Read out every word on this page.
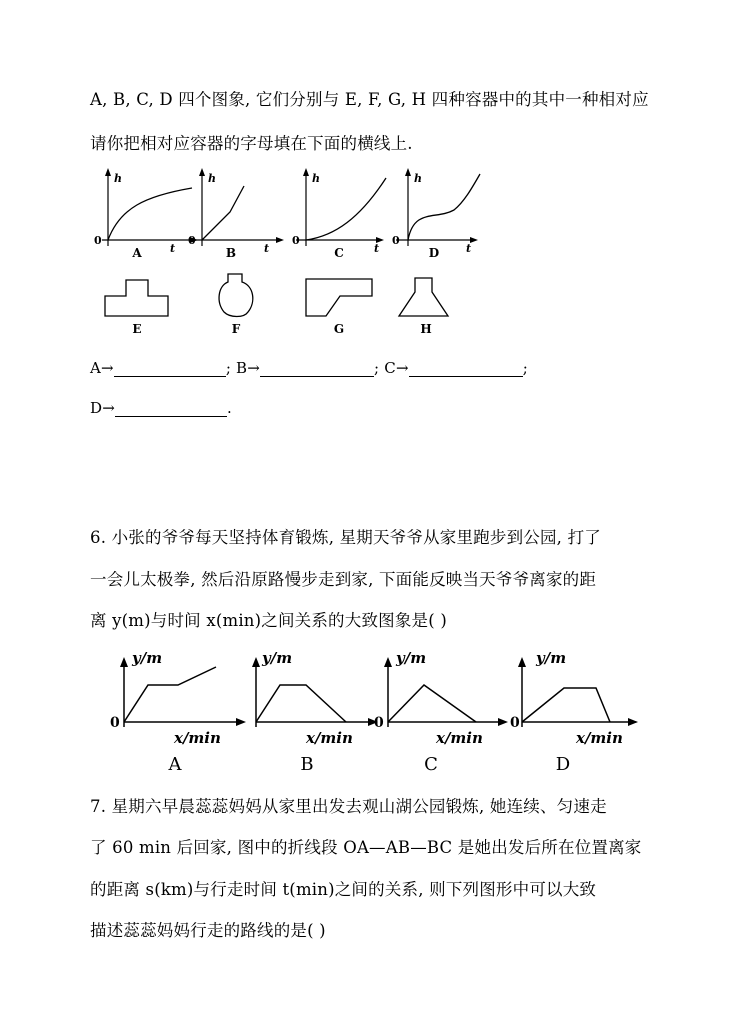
A, B, C, D 四个图象, 它们分别与 E, F, G, H 四种容器中的其中一种相对应
请你把相对应容器的字母填在下面的横线上.
h
0
t
h
0
t
h
0
t
h
0
t
A	B	C	D
E	F	G	H
A→	; B→	; C→	;
D→	.
6. 小张的爷爷每天坚持体育锻炼, 星期天爷爷从家里跑步到公园, 打了
一会儿太极拳, 然后沿原路慢步走到家, 下面能反映当天爷爷离家的距
离 y(m)与时间 x(min)之间关系的大致图象是( )
y/m
0
x/min
y/m
x/min
y/m
0
x/min
y/m
0
x/min
A	B	C	D
7. 星期六早晨蕊蕊妈妈从家里出发去观山湖公园锻炼, 她连续、匀速走
了 60 min 后回家, 图中的折线段 OA—AB—BC 是她出发后所在位置离家
的距离 s(km)与行走时间 t(min)之间的关系, 则下列图形中可以大致
描述蕊蕊妈妈行走的路线的是( )
